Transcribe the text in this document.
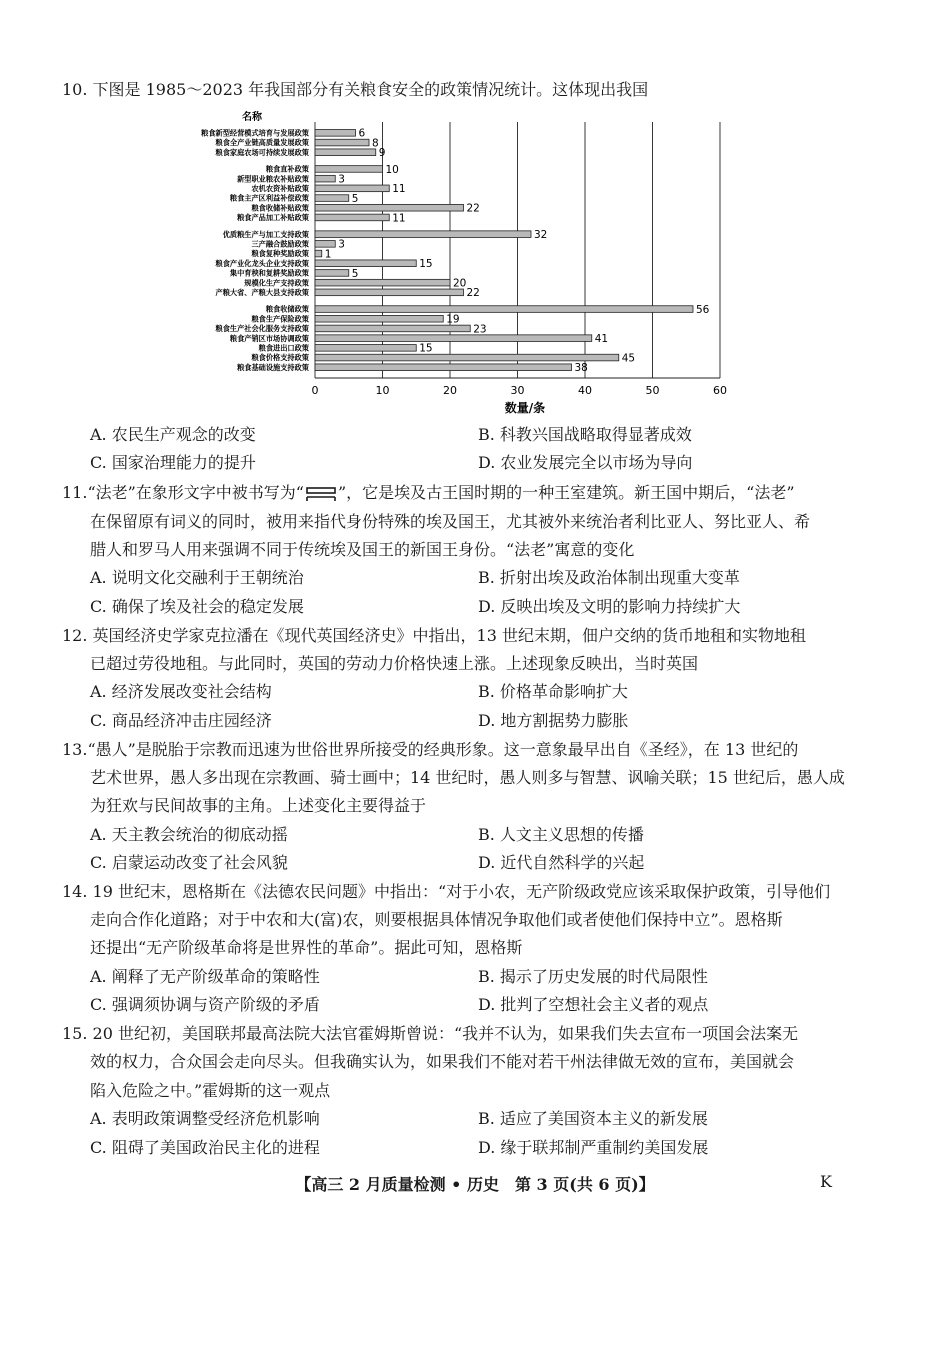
10. 下图是 1985～2023 年我国部分有关粮食安全的政策情况统计。这体现出我国
粮食新型经营模式培育与发展政策
粮食全产业链高质量发展政策
粮食家庭农场可持续发展政策
粮食直补政策
新型职业粮农补贴政策
农机农资补贴政策
粮食主产区利益补偿政策
粮食收储补贴政策
粮食产品加工补贴政策
优质粮生产与加工支持政策
三产融合鼓励政策
粮食复种奖励政策
粮食产业化龙头企业支持政策
集中育秧和复耕奖励政策
规模化生产支持政策
产粮大省、产粮大县支持政策
粮食收储政策
粮食生产保险政策
粮食生产社会化服务支持政策
粮食产销区市场协调政策
粮食进出口政策
粮食价格支持政策
粮食基础设施支持政策
6
8
9
10
3
11
5
22
11
32
3
1
15
5
20
22
56
19
23
41
15
45
38
0	10	20	30	40	50	60
名称
数量/条
A. 农民生产观念的改变	B. 科教兴国战略取得显著成效
C. 国家治理能力的提升	D. 农业发展完全以市场为导向
11.“法老”在象形文字中被书写为“ ”，它是埃及古王国时期的一种王室建筑。新王国中期后，“法老”
在保留原有词义的同时，被用来指代身份特殊的埃及国王，尤其被外来统治者利比亚人、努比亚人、希
腊人和罗马人用来强调不同于传统埃及国王的新国王身份。“法老”寓意的变化
A. 说明文化交融利于王朝统治	B. 折射出埃及政治体制出现重大变革
C. 确保了埃及社会的稳定发展	D. 反映出埃及文明的影响力持续扩大
12. 英国经济史学家克拉潘在《现代英国经济史》中指出，13 世纪末期，佃户交纳的货币地租和实物地租
已超过劳役地租。与此同时，英国的劳动力价格快速上涨。上述现象反映出，当时英国
A. 经济发展改变社会结构	B. 价格革命影响扩大
C. 商品经济冲击庄园经济	D. 地方割据势力膨胀
13.“愚人”是脱胎于宗教而迅速为世俗世界所接受的经典形象。这一意象最早出自《圣经》，在 13 世纪的
艺术世界，愚人多出现在宗教画、骑士画中；14 世纪时，愚人则多与智慧、讽喻关联；15 世纪后，愚人成
为狂欢与民间故事的主角。上述变化主要得益于
A. 天主教会统治的彻底动摇	B. 人文主义思想的传播
C. 启蒙运动改变了社会风貌	D. 近代自然科学的兴起
14. 19 世纪末，恩格斯在《法德农民问题》中指出：“对于小农，无产阶级政党应该采取保护政策，引导他们
走向合作化道路；对于中农和大(富)农，则要根据具体情况争取他们或者使他们保持中立”。恩格斯
还提出“无产阶级革命将是世界性的革命”。据此可知，恩格斯
A. 阐释了无产阶级革命的策略性	B. 揭示了历史发展的时代局限性
C. 强调须协调与资产阶级的矛盾	D. 批判了空想社会主义者的观点
15. 20 世纪初，美国联邦最高法院大法官霍姆斯曾说：“我并不认为，如果我们失去宣布一项国会法案无
效的权力，合众国会走向尽头。但我确实认为，如果我们不能对若干州法律做无效的宣布，美国就会
陷入危险之中。”霍姆斯的这一观点
A. 表明政策调整受经济危机影响	B. 适应了美国资本主义的新发展
C. 阻碍了美国政治民主化的进程	D. 缘于联邦制严重制约美国发展
【高三 2 月质量检测 • 历史　第 3 页(共 6 页)】	K
